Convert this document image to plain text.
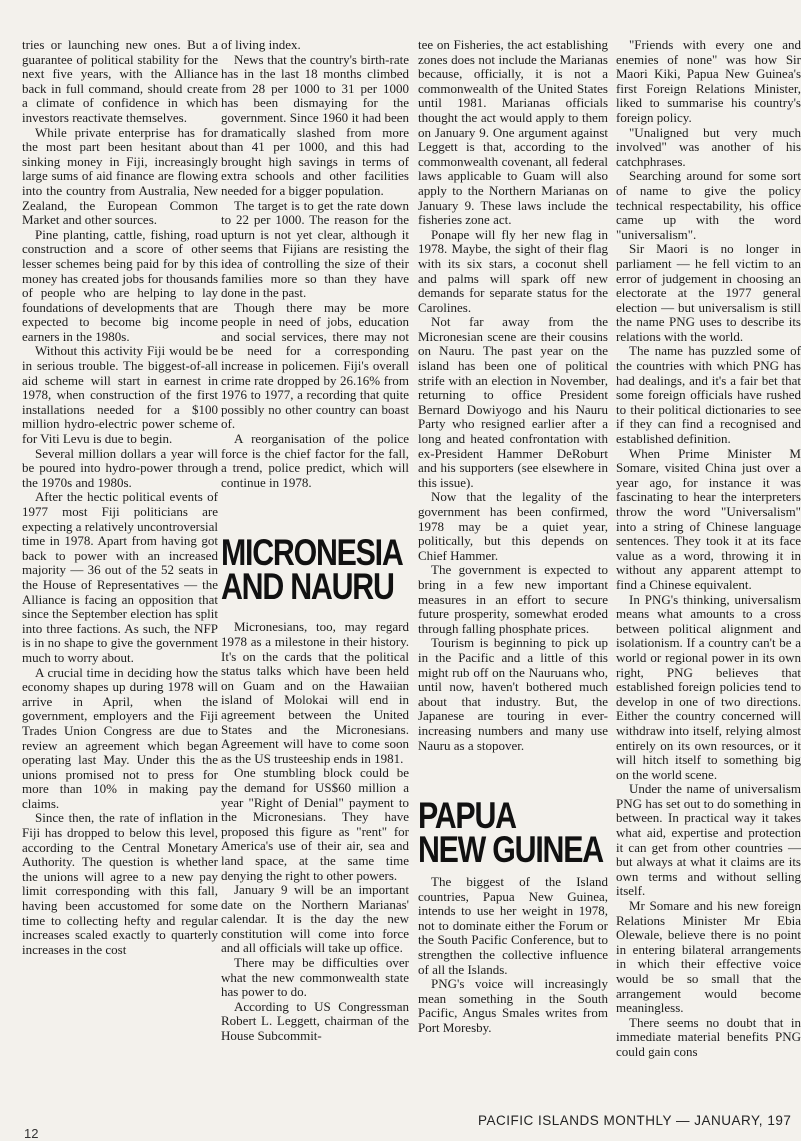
tries or launching new ones. But a guarantee of political stability for the next five years, with the Alliance back in full command, should create a climate of confidence in which investors reactivate themselves.

While private enterprise has for the most part been hesitant about sinking money in Fiji, increasingly large sums of aid finance are flowing into the country from Australia, New Zealand, the European Common Market and other sources.

Pine planting, cattle, fishing, road construction and a score of other lesser schemes being paid for by this money has created jobs for thousands of people who are helping to lay foundations of developments that are expected to become big income earners in the 1980s.

Without this activity Fiji would be in serious trouble. The biggest-of-all aid scheme will start in earnest in 1978, when construction of the first installations needed for a $100 million hydro-electric power scheme for Viti Levu is due to begin.

Several million dollars a year will be poured into hydro-power through the 1970s and 1980s.

After the hectic political events of 1977 most Fiji politicians are expecting a relatively uncontroversial time in 1978. Apart from having got back to power with an increased majority — 36 out of the 52 seats in the House of Representatives — the Alliance is facing an opposition that since the September election has split into three factions. As such, the NFP is in no shape to give the government much to worry about.

A crucial time in deciding how the economy shapes up during 1978 will arrive in April, when the government, employers and the Fiji Trades Union Congress are due to review an agreement which began operating last May. Under this the unions promised not to press for more than 10% in making pay claims.

Since then, the rate of inflation in Fiji has dropped to below this level, according to the Central Monetary Authority. The question is whether the unions will agree to a new pay limit corresponding with this fall, having been accustomed for some time to collecting hefty and regular increases scaled exactly to quarterly increases in the cost

of living index.

News that the country's birth-rate has in the last 18 months climbed from 28 per 1000 to 31 per 1000 has been dismaying for the government. Since 1960 it had been dramatically slashed from more than 41 per 1000, and this had brought high savings in terms of extra schools and other facilities needed for a bigger population.

The target is to get the rate down to 22 per 1000. The reason for the upturn is not yet clear, although it seems that Fijians are resisting the idea of controlling the size of their families more so than they have done in the past.

Though there may be more people in need of jobs, education and social services, there may not be need for a corresponding increase in policemen. Fiji's overall crime rate dropped by 26.16% from 1976 to 1977, a recording that quite possibly no other country can boast of.

A reorganisation of the police force is the chief factor for the fall, a trend, police predict, which will continue in 1978.

MICRONESIA
AND NAURU

Micronesians, too, may regard 1978 as a milestone in their history. It's on the cards that the political status talks which have been held on Guam and on the Hawaiian island of Molokai will end in agreement between the United States and the Micronesians. Agreement will have to come soon as the US trusteeship ends in 1981.

One stumbling block could be the demand for US$60 million a year "Right of Denial" payment to the Micronesians. They have proposed this figure as "rent" for America's use of their air, sea and land space, at the same time denying the right to other powers.

January 9 will be an important date on the Northern Marianas' calendar. It is the day the new constitution will come into force and all officials will take up office.

There may be difficulties over what the new commonwealth state has power to do.

According to US Congressman Robert L. Leggett, chairman of the House Subcommit-

tee on Fisheries, the act establishing zones does not include the Marianas because, officially, it is not a commonwealth of the United States until 1981. Marianas officials thought the act would apply to them on January 9. One argument against Leggett is that, according to the commonwealth covenant, all federal laws applicable to Guam will also apply to the Northern Marianas on January 9. These laws include the fisheries zone act.

Ponape will fly her new flag in 1978. Maybe, the sight of their flag with its six stars, a coconut shell and palms will spark off new demands for separate status for the Carolines.

Not far away from the Micronesian scene are their cousins on Nauru. The past year on the island has been one of political strife with an election in November, returning to office President Bernard Dowiyogo and his Nauru Party who resigned earlier after a long and heated confrontation with ex-President Hammer DeRoburt and his supporters (see elsewhere in this issue).

Now that the legality of the government has been confirmed, 1978 may be a quiet year, politically, but this depends on Chief Hammer.

The government is expected to bring in a few new important measures in an effort to secure future prosperity, somewhat eroded through falling phosphate prices.

Tourism is beginning to pick up in the Pacific and a little of this might rub off on the Nauruans who, until now, haven't bothered much about that industry. But, the Japanese are touring in ever-increasing numbers and many use Nauru as a stopover.

PAPUA
NEW GUINEA

The biggest of the Island countries, Papua New Guinea, intends to use her weight in 1978, not to dominate either the Forum or the South Pacific Conference, but to strengthen the collective influence of all the Islands.

PNG's voice will increasingly mean something in the South Pacific, Angus Smales writes from Port Moresby.

"Friends with every one and enemies of none" was how Sir Maori Kiki, Papua New Guinea's first Foreign Relations Minister, liked to summarise his country's foreign policy.

"Unaligned but very much involved" was another of his catchphrases.

Searching around for some sort of name to give the policy technical respectability, his office came up with the word "universalism".

Sir Maori is no longer in parliament — he fell victim to an error of judgement in choosing an electorate at the 1977 general election — but universalism is still the name PNG uses to describe its relations with the world.

The name has puzzled some of the countries with which PNG has had dealings, and it's a fair bet that some foreign officials have rushed to their political dictionaries to see if they can find a recognised and established definition.

When Prime Minister M Somare, visited China just over a year ago, for instance it was fascinating to hear the interpreters throw the word "Universalism" into a string of Chinese language sentences. They took it at its face value as a word, throwing it in without any apparent attempt to find a Chinese equivalent.

In PNG's thinking, universalism means what amounts to a cross between political alignment and isolationism. If a country can't be a world or regional power in its own right, PNG believes that established foreign policies tend to develop in one of two directions. Either the country concerned will withdraw into itself, relying almost entirely on its own resources, or it will hitch itself to something big on the world scene.

Under the name of universalism PNG has set out to do something in between. In practical way it takes what aid, expertise and protection it can get from other countries — but always at what it claims are its own terms and without selling itself.

Mr Somare and his new foreign Relations Minister Mr Ebia Olewale, believe there is no point in entering bilateral arrangements in which their effective voice would be so small that the arrangement would become meaningless.

There seems no doubt that in immediate material benefits PNG could gain cons

PACIFIC ISLANDS MONTHLY — JANUARY, 197
12
